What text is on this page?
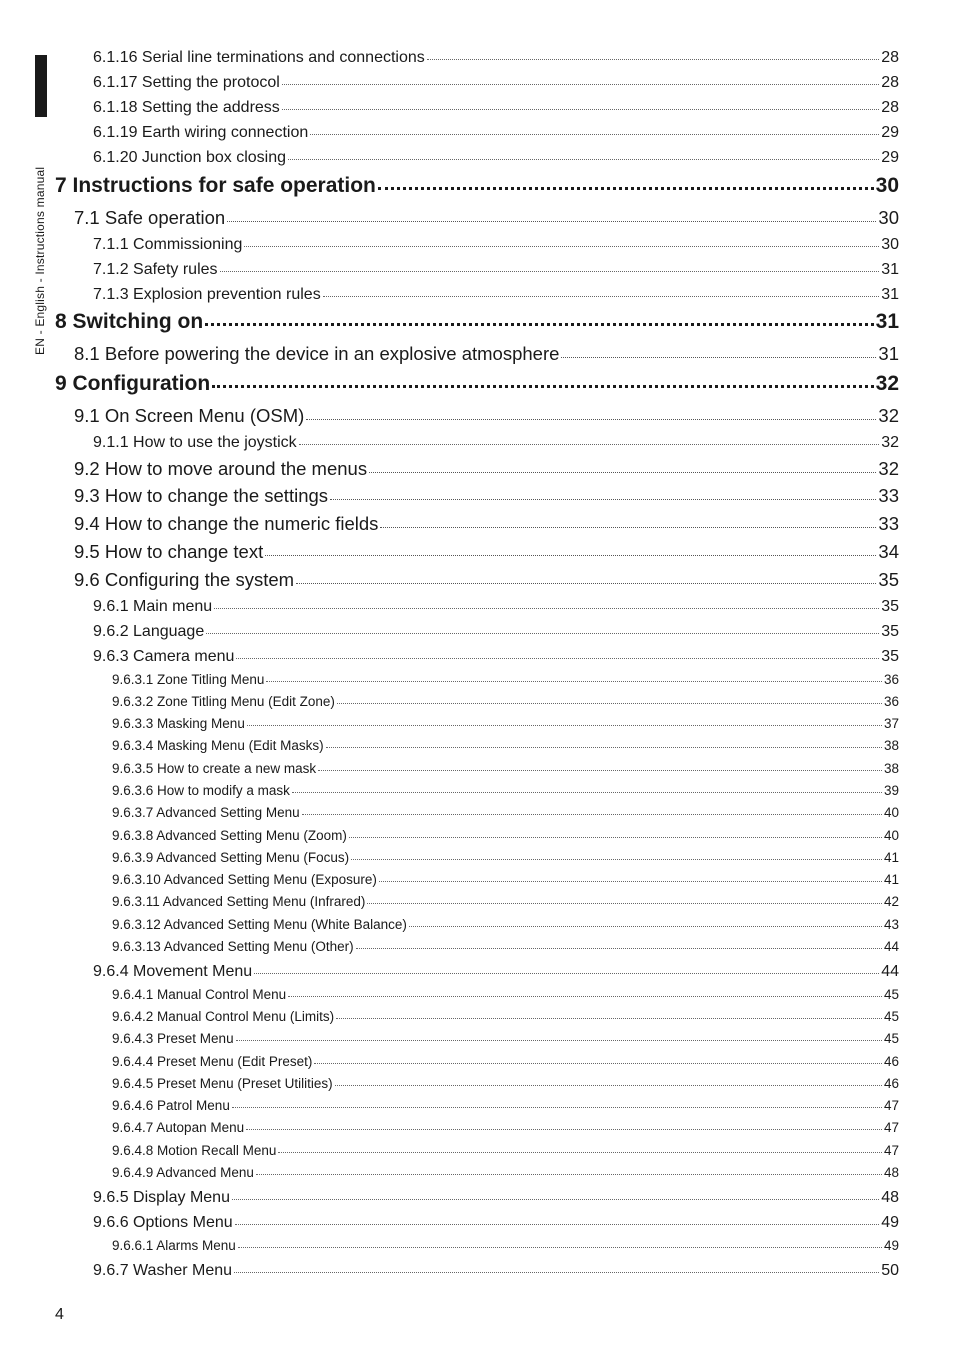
EN - English - Instructions manual
6.1.16 Serial line terminations and connections	28
6.1.17 Setting the protocol	28
6.1.18 Setting the address	28
6.1.19 Earth wiring connection	29
6.1.20 Junction box closing	29
7 Instructions for safe operation	30
7.1 Safe operation	30
7.1.1 Commissioning	30
7.1.2 Safety rules	31
7.1.3 Explosion prevention rules	31
8 Switching on	31
8.1 Before powering the device in an explosive atmosphere	31
9 Configuration	32
9.1 On Screen Menu (OSM)	32
9.1.1 How to use the joystick	32
9.2 How to move around the menus	32
9.3 How to change the settings	33
9.4 How to change the numeric fields	33
9.5 How to change text	34
9.6 Configuring the system	35
9.6.1 Main menu	35
9.6.2 Language	35
9.6.3 Camera menu	35
9.6.3.1 Zone Titling Menu	36
9.6.3.2 Zone Titling Menu (Edit Zone)	36
9.6.3.3 Masking Menu	37
9.6.3.4 Masking Menu (Edit Masks)	38
9.6.3.5 How to create a new mask	38
9.6.3.6 How to modify a mask	39
9.6.3.7 Advanced Setting Menu	40
9.6.3.8 Advanced Setting Menu (Zoom)	40
9.6.3.9 Advanced Setting Menu (Focus)	41
9.6.3.10 Advanced Setting Menu (Exposure)	41
9.6.3.11 Advanced Setting Menu (Infrared)	42
9.6.3.12 Advanced Setting Menu (White Balance)	43
9.6.3.13 Advanced Setting Menu (Other)	44
9.6.4 Movement Menu	44
9.6.4.1 Manual Control Menu	45
9.6.4.2 Manual Control Menu (Limits)	45
9.6.4.3 Preset Menu	45
9.6.4.4 Preset Menu (Edit Preset)	46
9.6.4.5 Preset Menu (Preset Utilities)	46
9.6.4.6 Patrol Menu	47
9.6.4.7 Autopan Menu	47
9.6.4.8 Motion Recall Menu	47
9.6.4.9 Advanced Menu	48
9.6.5 Display Menu	48
9.6.6 Options Menu	49
9.6.6.1 Alarms Menu	49
9.6.7 Washer Menu	50
4
